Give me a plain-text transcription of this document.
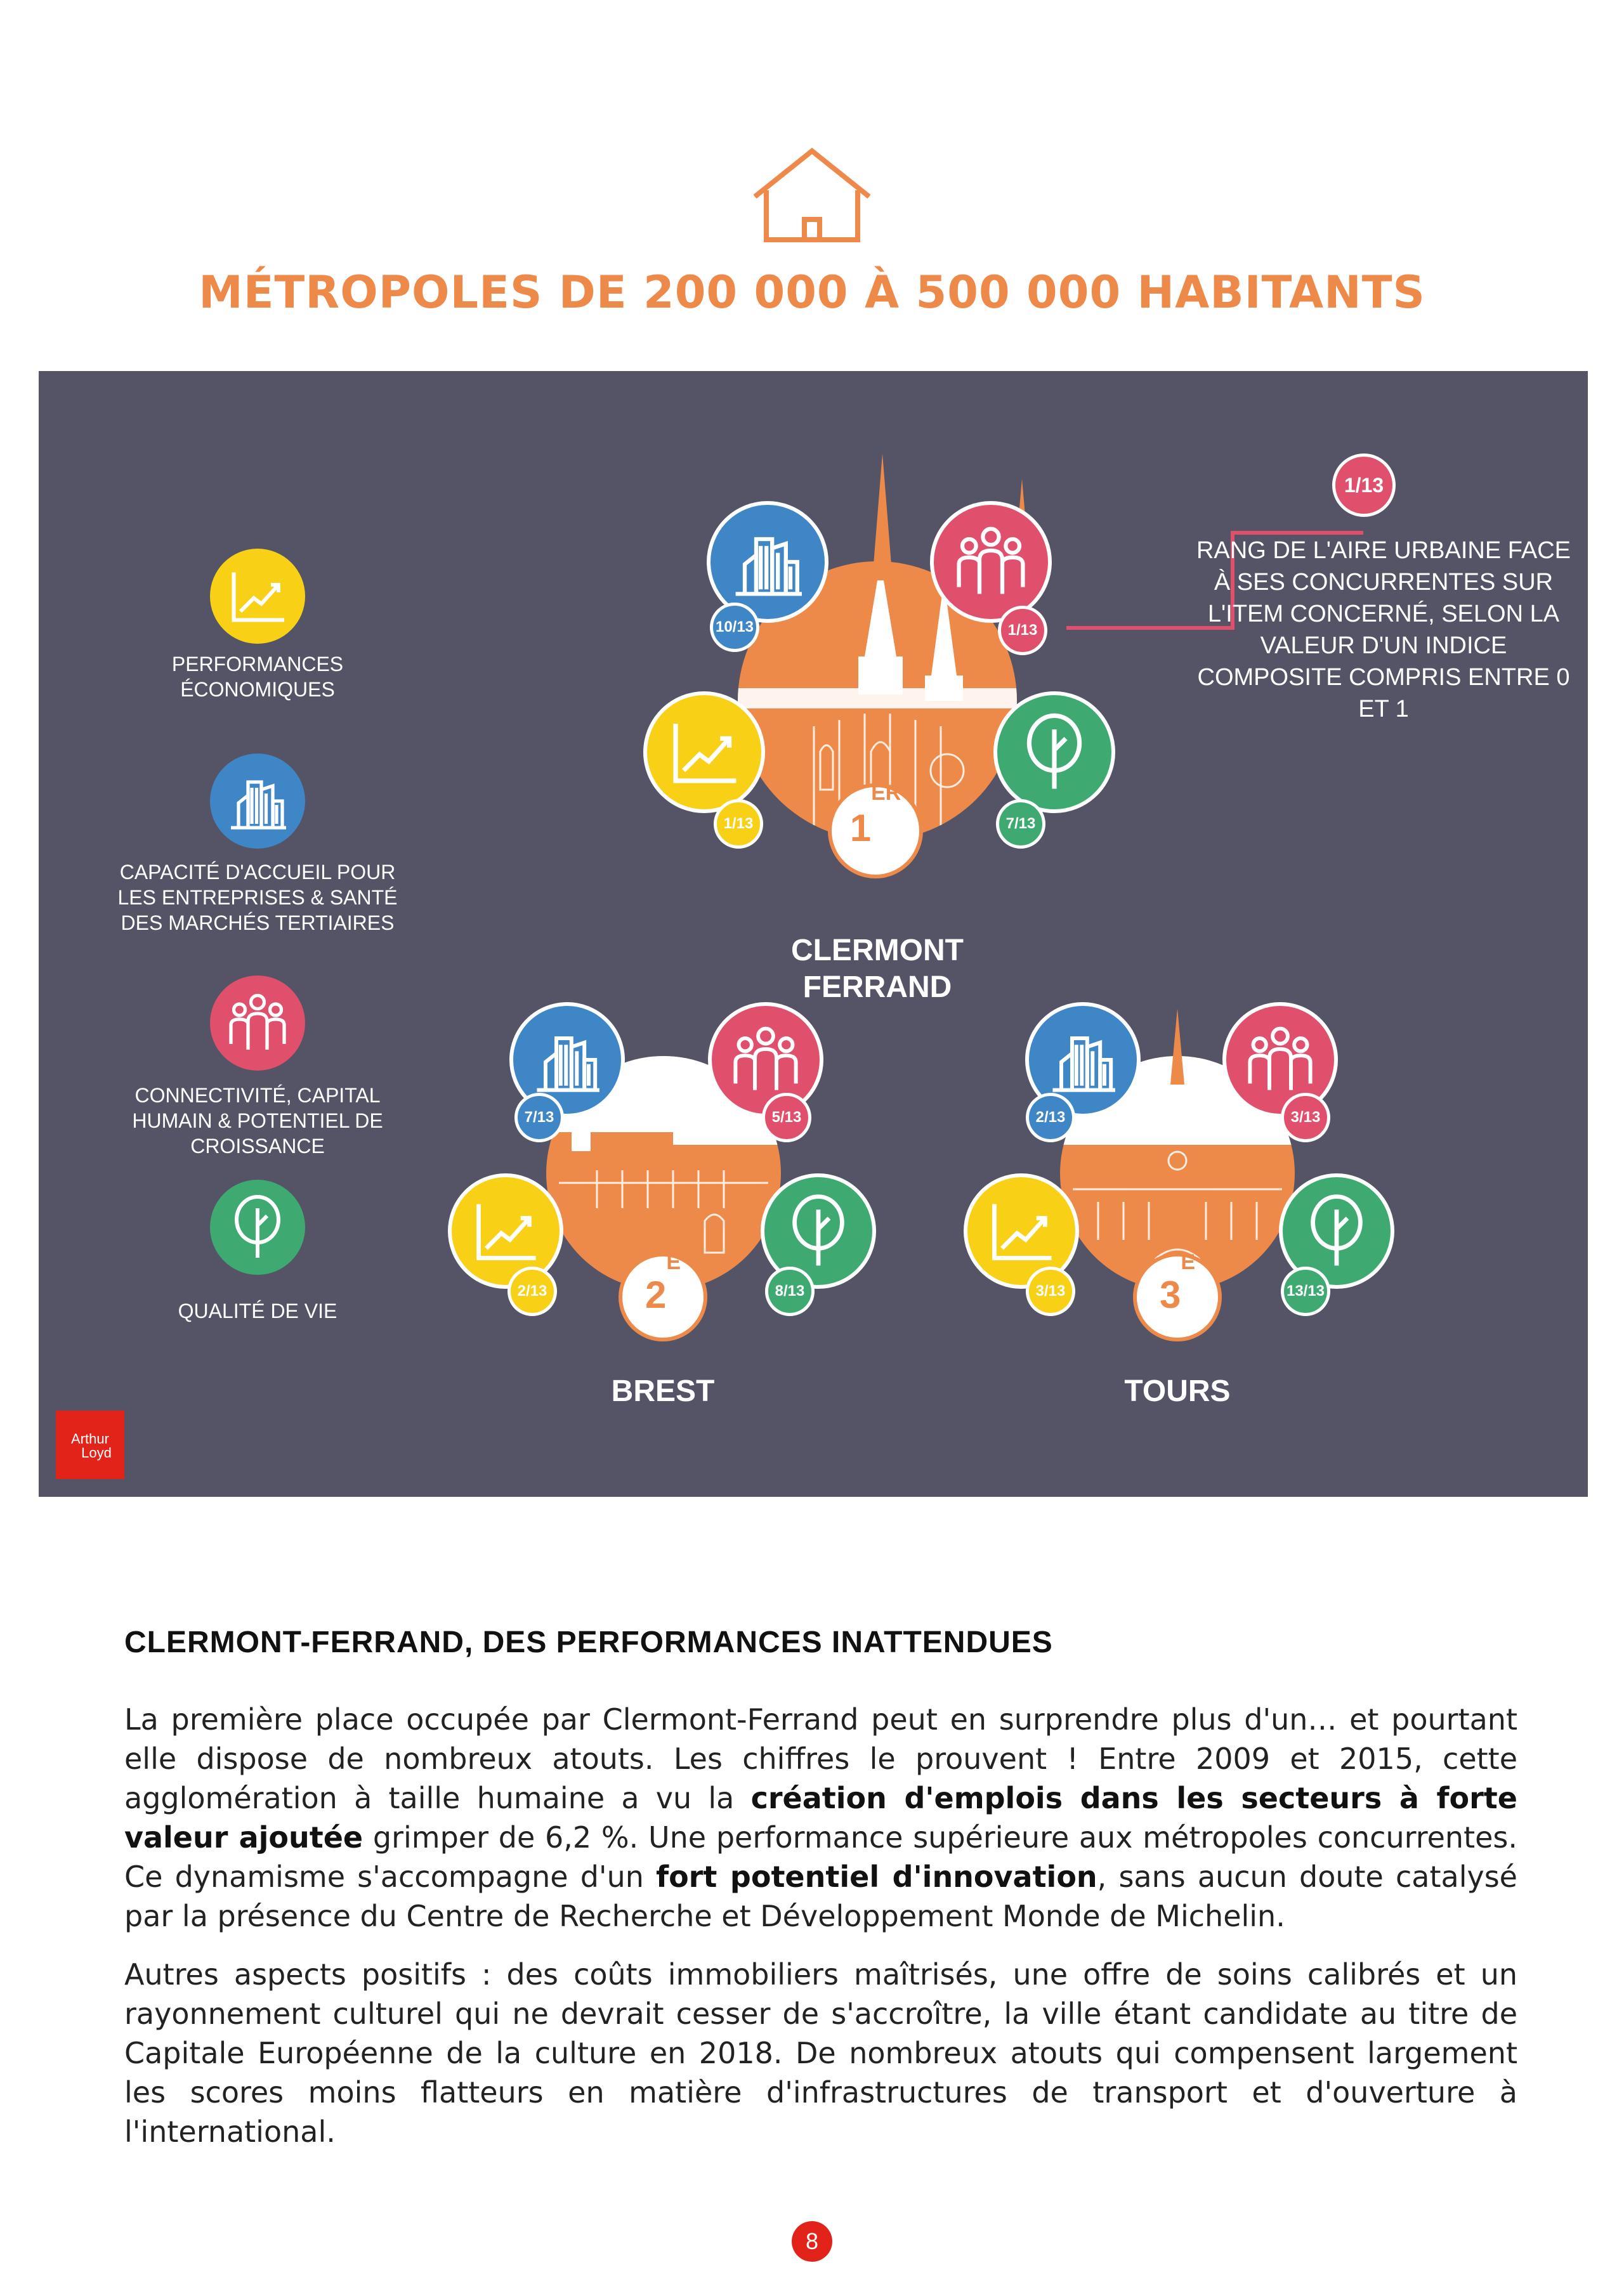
MÉTROPOLES DE 200 000 À 500 000 HABITANTS
PERFORMANCES ÉCONOMIQUES
CAPACITÉ D'ACCUEIL POUR LES ENTREPRISES & SANTÉ DES MARCHÉS TERTIAIRES
CONNECTIVITÉ, CAPITAL HUMAIN & POTENTIEL DE CROISSANCE
QUALITÉ DE VIE
1/13
RANG DE L'AIRE URBAINE FACE À SES CONCURRENTES SUR L'ITEM CONCERNÉ, SELON LA VALEUR D'UN INDICE COMPOSITE COMPRIS ENTRE 0 ET 1
10/13	1/13
1/13	7/13
1ER
CLERMONT
FERRAND
7/13	5/13
2/13	8/13
2E
BREST
2/13	3/13
3/13	13/13
3E
TOURS
Arthur
Loyd
CLERMONT-FERRAND, DES PERFORMANCES INATTENDUES
La première place occupée par Clermont-Ferrand peut en surprendre plus d'un… et pourtant elle dispose de nombreux atouts. Les chiffres le prouvent ! Entre 2009 et 2015, cette agglomération à taille humaine a vu la création d'emplois dans les secteurs à forte valeur ajoutée grimper de 6,2 %. Une performance supérieure aux métropoles concurrentes. Ce dynamisme s'accompagne d'un fort potentiel d'innovation, sans aucun doute catalysé par la présence du Centre de Recherche et Développement Monde de Michelin.
Autres aspects positifs : des coûts immobiliers maîtrisés, une offre de soins calibrés et un rayonnement culturel qui ne devrait cesser de s'accroître, la ville étant candidate au titre de Capitale Européenne de la culture en 2018. De nombreux atouts qui compensent largement les scores moins flatteurs en matière d'infrastructures de transport et d'ouverture à l'international.
8
